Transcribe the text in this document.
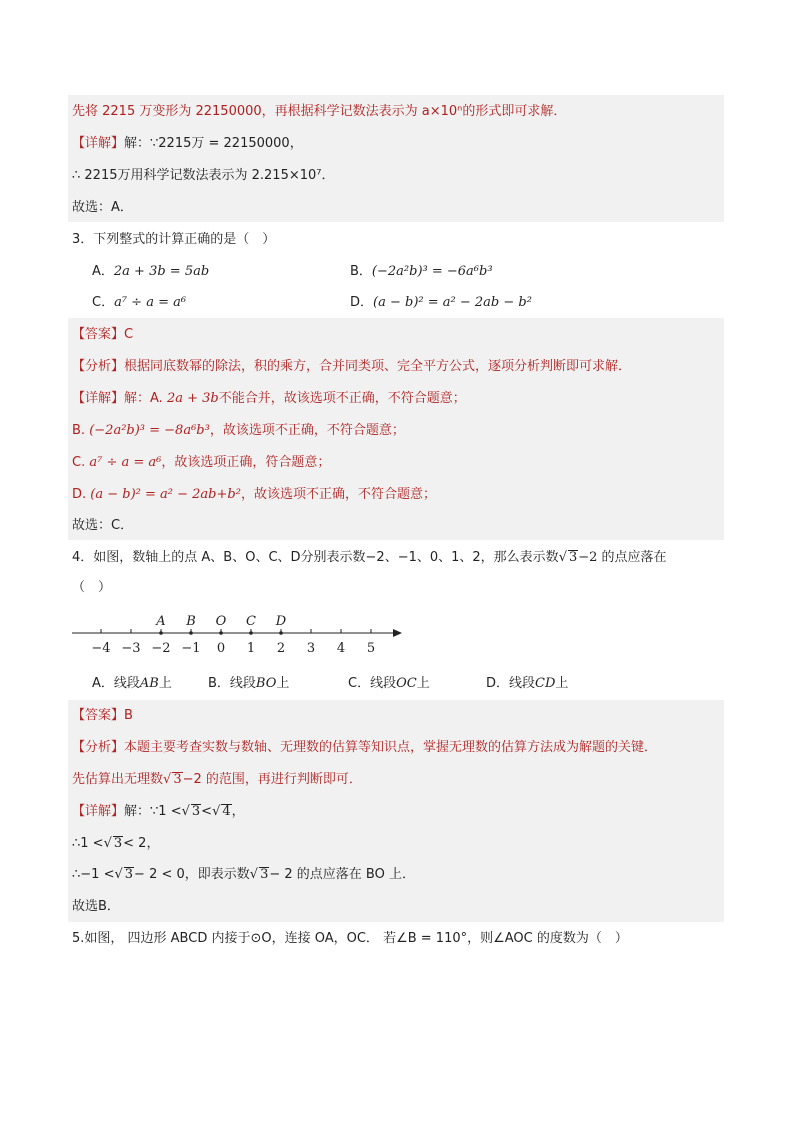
先将 2215 万变形为 22150000，再根据科学记数法表示为 a×10ⁿ的形式即可求解．
【详解】解：∵2215万 = 22150000，
∴ 2215万用科学记数法表示为 2.215×10⁷．
故选：A．
3．下列整式的计算正确的是（　）
A．2a + 3b = 5ab	B．(−2a²b)³ = −6a⁶b³
C．a⁷ ÷ a = a⁶	D．(a − b)² = a² − 2ab − b²
【答案】C
【分析】根据同底数幂的除法，积的乘方，合并同类项、完全平方公式，逐项分析判断即可求解．
【详解】解：A. 2a + 3b不能合并，故该选项不正确，不符合题意；
B. (−2a²b)³ = −8a⁶b³，故该选项不正确，不符合题意；
C. a⁷ ÷ a = a⁶，故该选项正确，符合题意；
D. (a − b)² = a² − 2ab+b²，故该选项不正确，不符合题意；
故选：C．
4．如图，数轴上的点 A、B、O、C、D分别表示数−2、−1、0、1、2，那么表示数√ 3−2 的点应落在
（　）
−4 −3 −2 −1 0 1 2 3 4 5
A B O C D
A．线段AB上	B．线段BO上	C．线段OC上	D．线段CD上
【答案】B
【分析】本题主要考查实数与数轴、无理数的估算等知识点，掌握无理数的估算方法成为解题的关键．
先估算出无理数√ 3−2 的范围，再进行判断即可．
【详解】解：∵1 <√ 3<√ 4，
∴1 <√ 3< 2，
∴−1 <√ 3− 2 < 0，即表示数√ 3− 2 的点应落在 BO 上．
故选B．
5.如图， 四边形 ABCD 内接于⊙O，连接 OA，OC． 若∠B = 110°，则∠AOC 的度数为（　）
